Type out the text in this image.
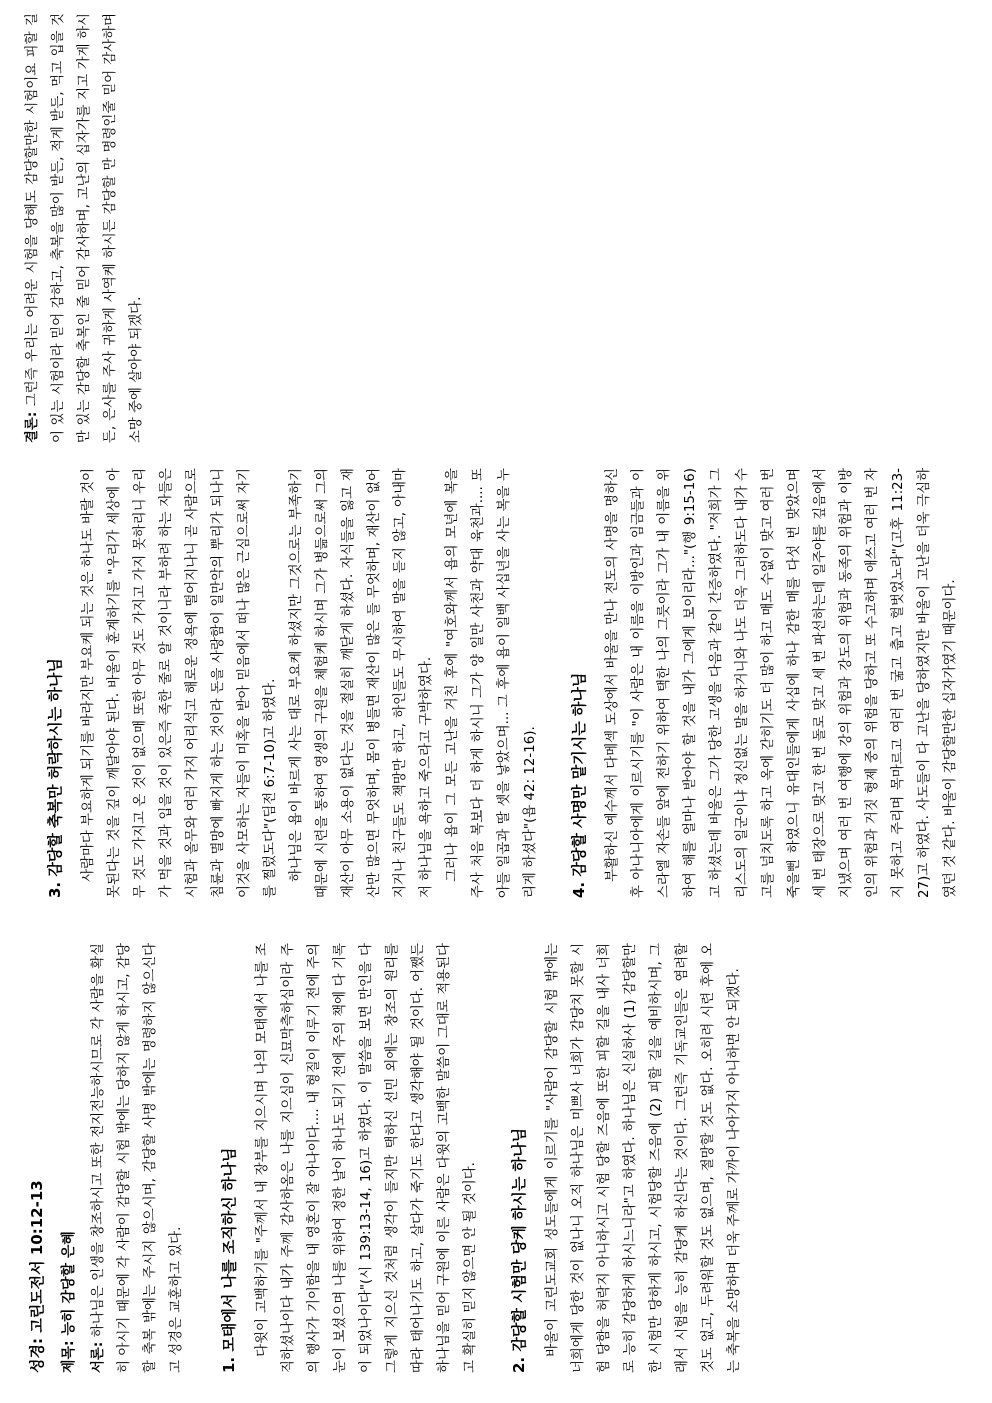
성경: 고린도전서 10:12-13	제목: 능히 감당할 은혜	서론: 하나님은 인생을 창조하시고 또한 전지전능하시므로 각 사람을 확실히 아시기 때문에 각 사람이 감당할 시험 밖에는 당하지 않게 하시고, 감당할 축복 밖에는 주시지 않으시며, 감당할 사명 밖에는 명령하지 않으신다고 성경은 교훈하고 있다.	1. 모태에서 나를 조직하신 하나님	다윗이 고백하기를 "주께서 내 장부를 지으시며 나의 모태에서 나를 조직하셨나이다 내가 주께 감사하옴은 나를 지으심이 신묘막측하심이라 주의 행사가 기이함을 내 영혼이 잘 아나이다.... 내 형질이 이루기 전에 주의 눈이 보셨으며 나를 위하여 정한 날이 하나도 되기 전에 주의 책에 다 기록이 되었나이다"(시 139:13-14, 16)고 하였다. 이 말씀을 보면 만인을 다 그렇게 지으신 것처럼 생각이 들지만 택하신 선민 외에는 창조의 원리를 따라 태어나기도 하고, 살다가 죽기도 한다고 생각해야 될 것이다. 어쨌든 하나님을 믿어 구원에 이른 사람은 다윗의 고백한 말씀이 그대로 적용된다고 확실히 믿지 않으면 안 될 것이다.	2. 감당할 시험만 당케 하시는 하나님	바울이 고린도교회 성도들에게 이르기를 "사람이 감당할 시험 밖에는 너희에게 당한 것이 없나니 오직 하나님은 미쁘사 너희가 감당치 못할 시험 당함을 허락지 아니하시고 시험 당할 즈음에 또한 피할 길을 내사 너희로 능히 감당하게 하시느니라"고 하였다. 하나님은 신실하사 (1) 감당할만한 시험만 당하게 하시고, 시험당할 즈음에 (2) 피할 길을 예비하시며, 그래서 시험을 능히 감당케 하신다는 것이다. 그런즉 기독교인들은 염려할 것도 없고, 두려워할 것도 없으며, 절망할 것도 없다. 오히려 시련 후에 오는 축복을 소망하며 더욱 주께로 가까이 나아가지 아니하면 안 되겠다.

3. 감당할 축복만 허락하시는 하나님	사람마다 부요하게 되기를 바라지만 부요케 되는 것은 하나도 바랄 것이 못된다는 것을 깊이 깨달아야 된다. 바울이 훈계하기를 "우리가 세상에 아무 것도 가지고 온 것이 없으매 또한 아무 것도 가지고 가지 못하리니 우리가 먹을 것과 입을 것이 있은즉 족한 줄로 알 것이니라 부하려 하는 자들은 시험과 올무와 여러 가지 어리석고 해로운 정욕에 떨어지나니 곧 사람으로 침륜과 멸망에 빠지게 하는 것이라 돈을 사랑함이 일만악의 뿌리가 되나니 이것을 사모하는 자들이 미혹을 받아 믿음에서 떠나 많은 근심으로써 자기를 찔렀도다"(딤전 6:7-10)고 하였다. 하나님은 욥이 바르게 사는 대로 부요케 하셨지만 그것으로는 부족하기 때문에 시련을 통하여 영생의 구원을 체험케 하시며 그가 병듦으로써 그의 재산이 아무 소용이 없다는 것을 절실히 깨닫게 하셨다. 자식들을 잃고 재산만 많으면 무엇하며, 몸이 병들면 재산이 많은 들 무엇하며, 재산이 없어지거나 친구들도 책망만 하고, 하인들도 무시하여 말을 듣지 않고, 아내마저 하나님을 욕하고 죽으라고 구박하였다. 그러나 욥이 그 모든 고난을 거친 후에 "여호와께서 욥의 모년에 복을 주사 처음 복보다 더 하게 하시니 그가 양 일만 사천과 약대 육천과.... 또 아들 일곱과 딸 셋을 낳았으며... 그 후에 욥이 일백 사십년을 사는 복을 누리게 하셨다"(욥 42: 12-16).	4. 감당할 사명만 맡기시는 하나님	부활하신 예수께서 다메섹 도상에서 바울을 만나 전도의 사명을 명하신 후 아나니아에게 이르시기를 "이 사람은 내 이름을 이방인과 임금들과 이스라엘 자손들 앞에 전하기 위하여 택한 나의 그릇이라 그가 내 이름을 위하여 해를 얼마나 받아야 할 것을 내가 그에게 보이리라..."(행 9:15-16)고 하셨는데 바울은 그가 당한 고생을 다음과 같이 간증하였다. "저희가 그리스도의 일군이냐 정신없는 말을 하거니와 나도 더욱 그러하도다 내가 수고를 넘치도록 하고 옥에 갇히기도 더 많이 하고 매도 수없이 맞고 여러 번 죽을뻔 하였으니 유대인들에게 사십에 하나 감한 매를 다섯 번 맞았으며 세 번 태장으로 맞고 한 번 돌로 맞고 세 번 파선하는데 일주야를 깊음에서 지냈으며 여러 번 여행에 강의 위험과 강도의 위험과 동족의 위험과 이방인의 위험과 거짓 형제 중의 위험을 당하고 또 수고하며 애쓰고 여러 번 자지 못하고 주리며 목마르고 여러 번 굶고 춥고 헐벗었노라"(고후 11:23-27)고 하였다. 사도들이 다 고난을 당하였지만 바울이 고난을 더욱 극심하였던 것 같다. 바울이 감당할만한 십자가였기 때문이다.

결론: 그런즉 우리는 어려운 시험을 당해도 감당할만한 시험이요 피할 길이 있는 시험이라 믿어 감하고, 축복을 많이 받든, 적게 받든, 먹고 입을 것만 있는 감당할 축복인 줄 믿어 감사하며, 고난의 십자가를 지고 가게 하시든, 은사를 주사 귀하게 사역케 하시든 감당할 만 명령인줄 믿어 감사하며 소망 중에 살아야 되겠다.
